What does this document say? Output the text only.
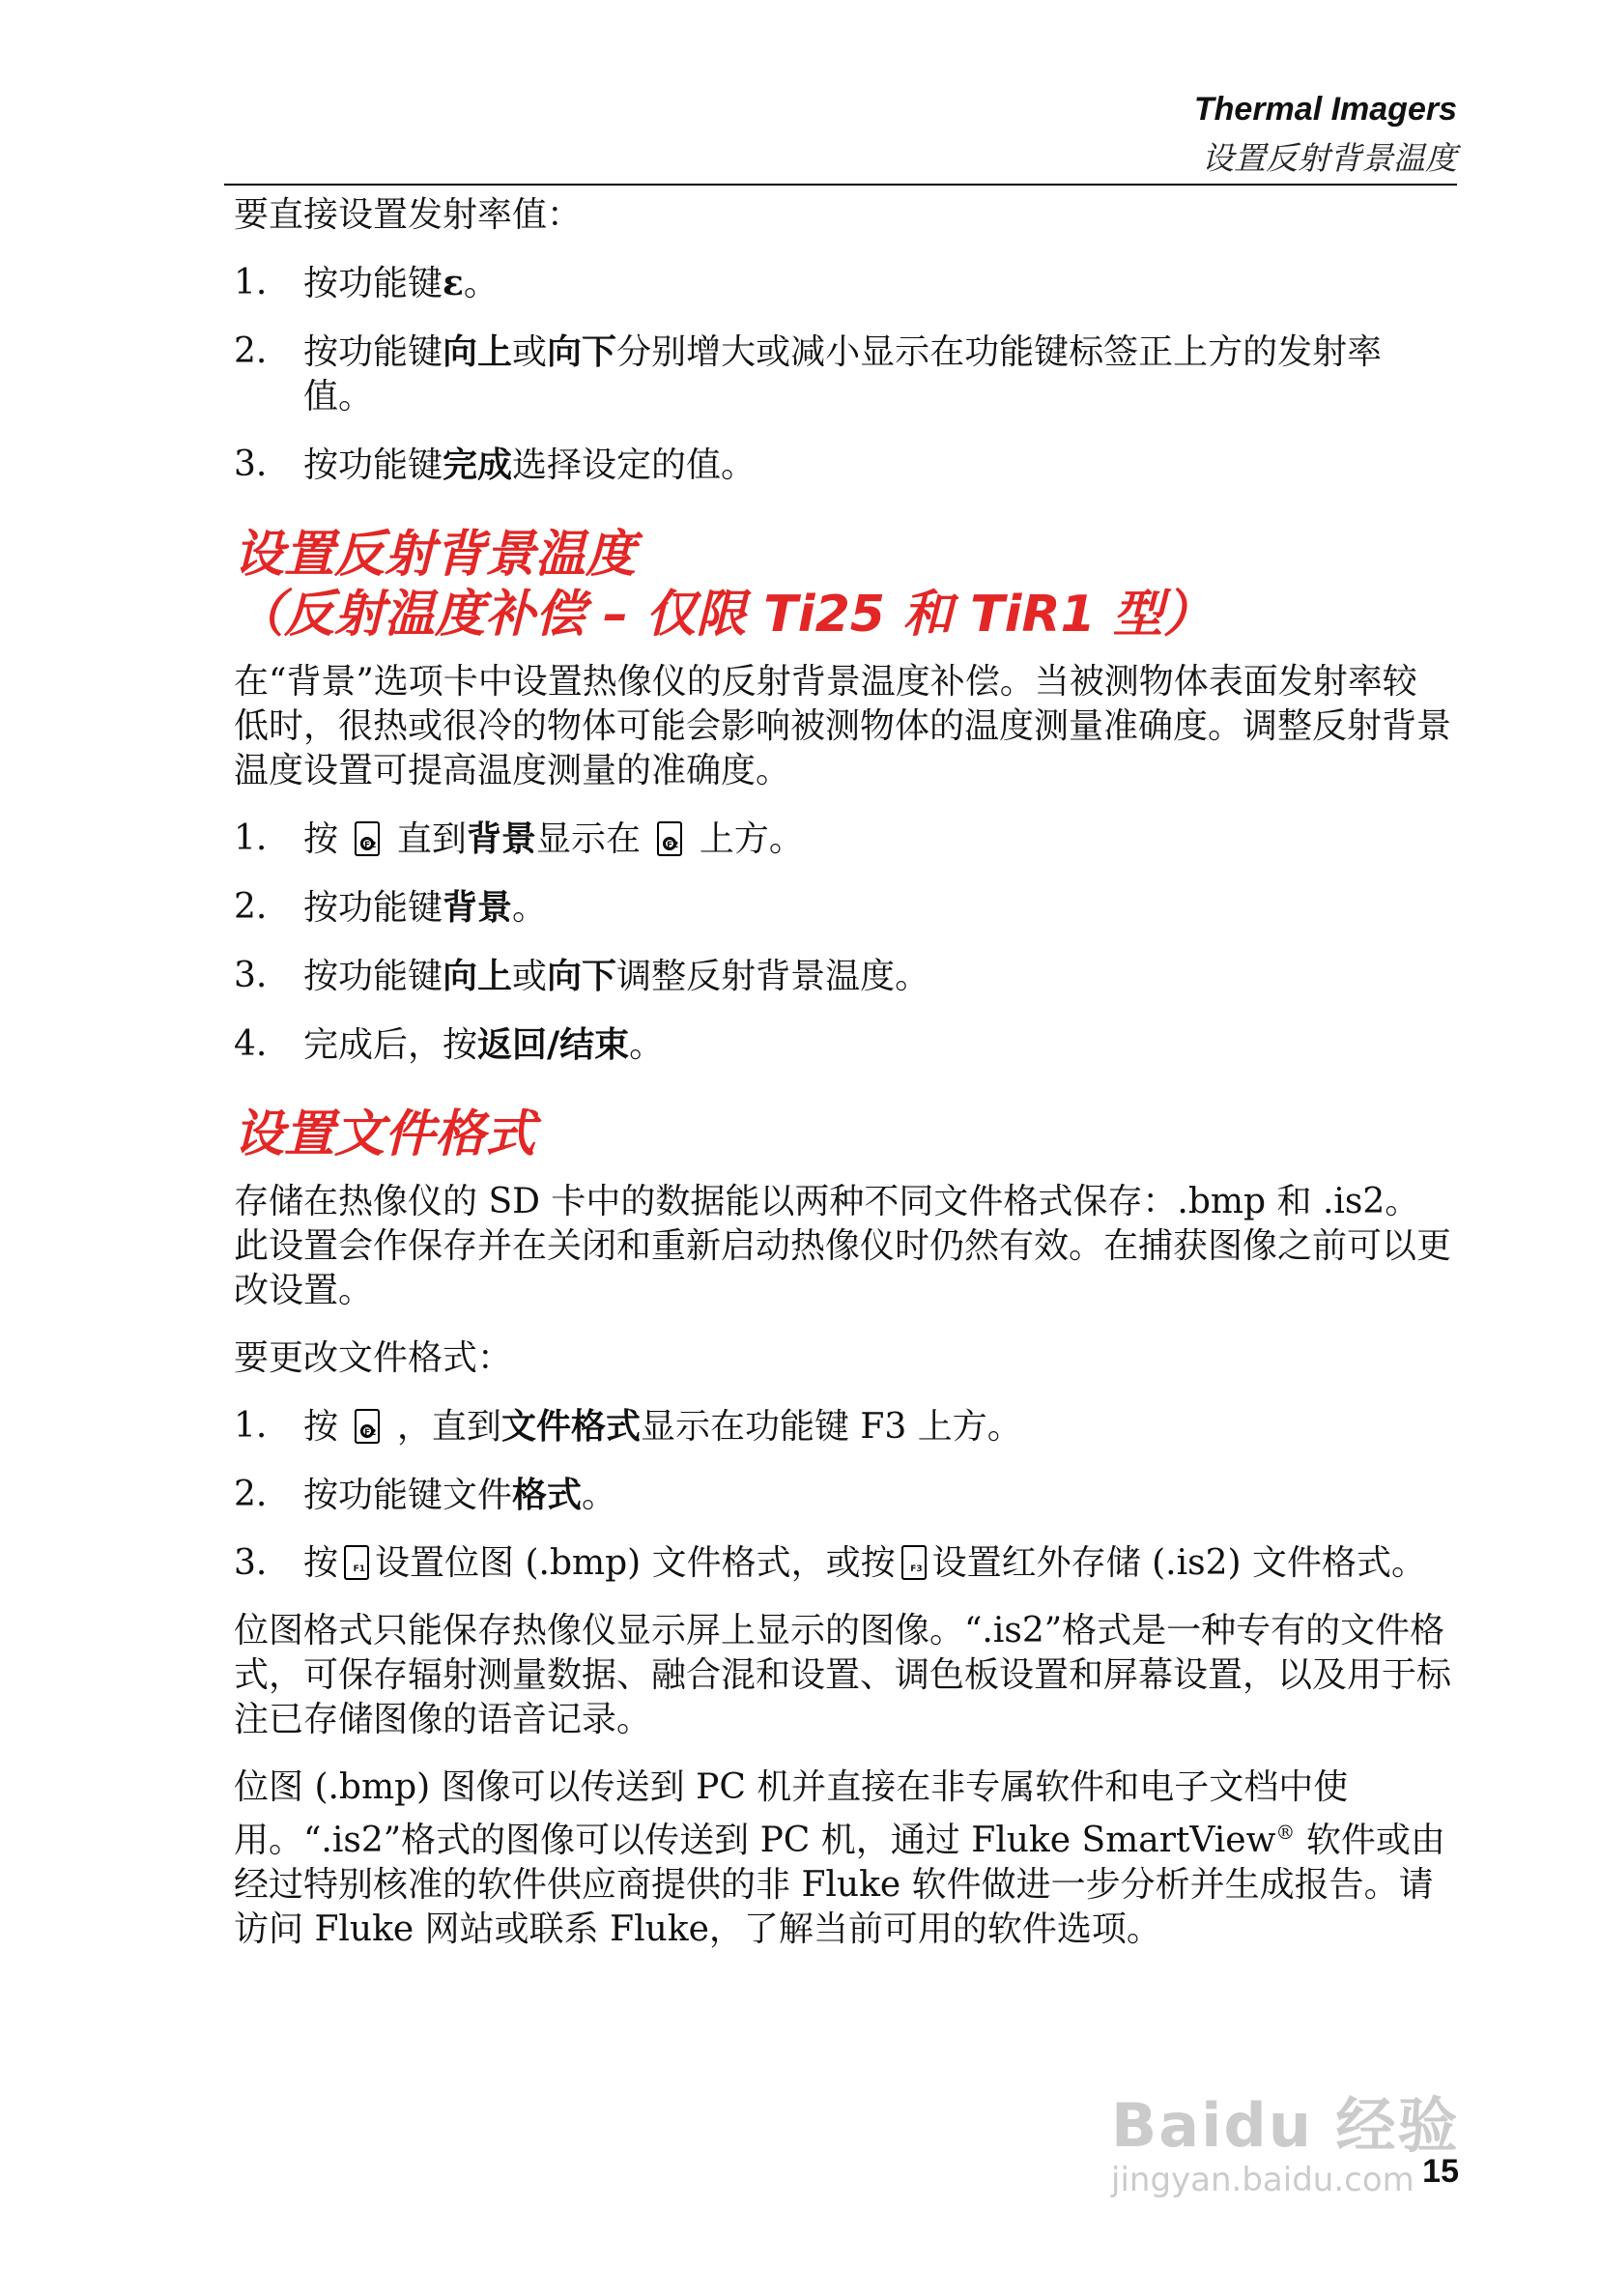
Thermal Imagers
设置反射背景温度

要直接设置发射率值：

1. 按功能键ε。
2. 按功能键向上或向下分别增大或减小显示在功能键标签正上方的发射率值。
3. 按功能键完成选择设定的值。
设置反射背景温度
（反射温度补偿 – 仅限 Ti25 和 TiR1 型）

在“背景”选项卡中设置热像仪的反射背景温度补偿。当被测物体表面发射率较低时，很热或很冷的物体可能会影响被测物体的温度测量准确度。调整反射背景温度设置可提高温度测量的准确度。

1. 按	F2 直到背景显示在	F2 上方。
2. 按功能键背景。
3. 按功能键向上或向下调整反射背景温度。
4. 完成后，按返回/结束。
设置文件格式

存储在热像仪的 SD 卡中的数据能以两种不同文件格式保存：.bmp 和 .is2。此设置会作保存并在关闭和重新启动热像仪时仍然有效。在捕获图像之前可以更改设置。

要更改文件格式：

1. 按	F2 ，直到文件格式显示在功能键 F3 上方。
2. 按功能键文件格式。
3. 按 F1 设置位图 (.bmp) 文件格式，或按 F3 设置红外存储 (.is2) 文件格式。

位图格式只能保存热像仪显示屏上显示的图像。“.is2”格式是一种专有的文件格式，可保存辐射测量数据、融合混和设置、调色板设置和屏幕设置，以及用于标注已存储图像的语音记录。

位图 (.bmp) 图像可以传送到 PC 机并直接在非专属软件和电子文档中使用。“.is2”格式的图像可以传送到 PC 机，通过 Fluke SmartView® 软件或由经过特别核准的软件供应商提供的非 Fluke 软件做进一步分析并生成报告。请访问 Fluke 网站或联系 Fluke，了解当前可用的软件选项。

Baidu 经验
jingyan.baidu.com 15
